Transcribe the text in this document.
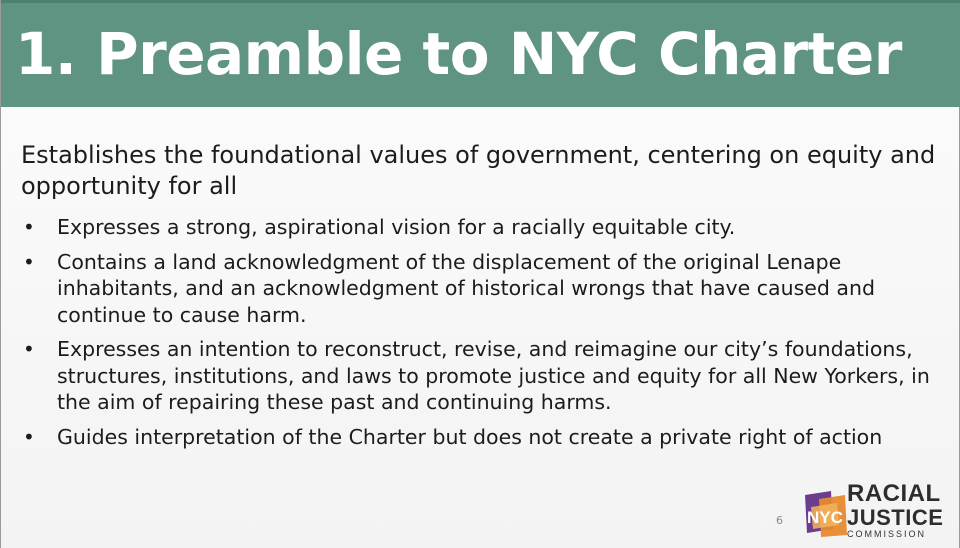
1. Preamble to NYC Charter

Establishes the foundational values of government, centering on equity and opportunity for all

• Expresses a strong, aspirational vision for a racially equitable city.
• Contains a land acknowledgment of the displacement of the original Lenape inhabitants, and an acknowledgment of historical wrongs that have caused and continue to cause harm.
• Expresses an intention to reconstruct, revise, and reimagine our city’s foundations, structures, institutions, and laws to promote justice and equity for all New Yorkers, in the aim of repairing these past and continuing harms.
• Guides interpretation of the Charter but does not create a private right of action
6 NYC
RACIAL
JUSTICE
COMMISSION
